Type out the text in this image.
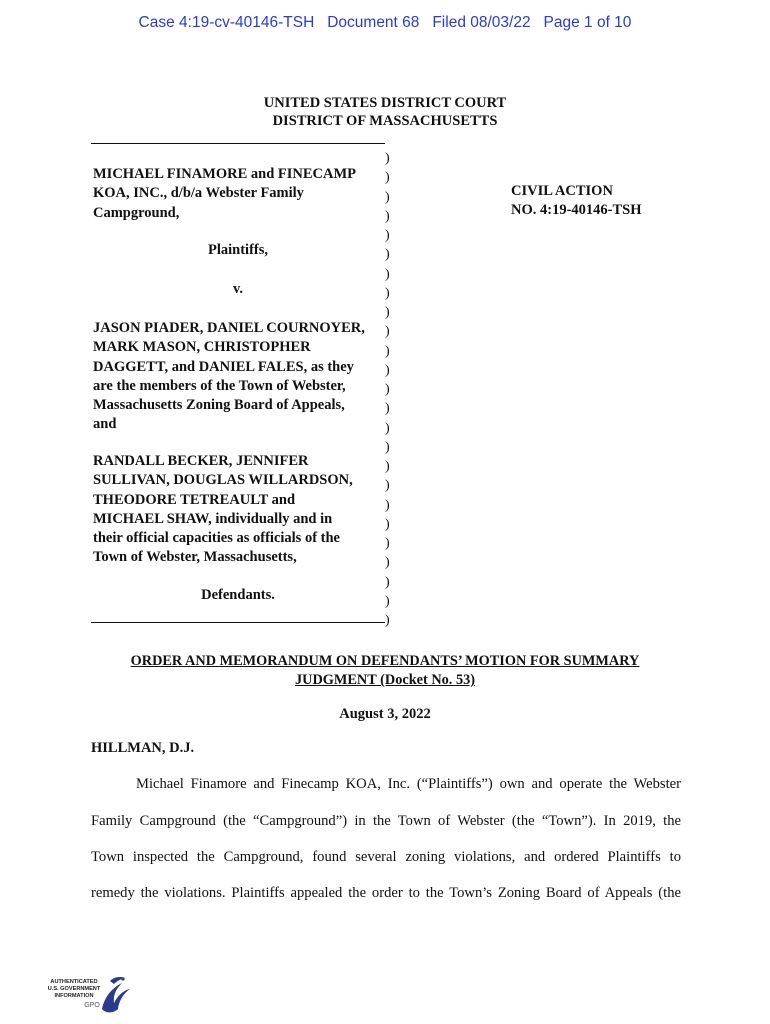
Case 4:19-cv-40146-TSH Document 68 Filed 08/03/22 Page 1 of 10
UNITED STATES DISTRICT COURT
DISTRICT OF MASSACHUSETTS
)
)
)
)
)
)
)
)
)
)
)
)
)
)
)
)
)
)
)
)
)
)
)
)
)
MICHAEL FINAMORE and FINECAMP
KOA, INC., d/b/a Webster Family
Campground,
Plaintiffs,
v.
JASON PIADER, DANIEL COURNOYER,
MARK MASON, CHRISTOPHER
DAGGETT, and DANIEL FALES, as they
are the members of the Town of Webster,
Massachusetts Zoning Board of Appeals,
and
RANDALL BECKER, JENNIFER
SULLIVAN, DOUGLAS WILLARDSON,
THEODORE TETREAULT and
MICHAEL SHAW, individually and in
their official capacities as officials of the
Town of Webster, Massachusetts,
Defendants.
CIVIL ACTION
NO. 4:19-40146-TSH
ORDER AND MEMORANDUM ON DEFENDANTS’ MOTION FOR SUMMARY
JUDGMENT (Docket No. 53)
August 3, 2022
HILLMAN, D.J.
Michael Finamore and Finecamp KOA, Inc. (“Plaintiffs”) own and operate the Webster
Family Campground (the “Campground”) in the Town of Webster (the “Town”). In 2019, the
Town inspected the Campground, found several zoning violations, and ordered Plaintiffs to
remedy the violations. Plaintiffs appealed the order to the Town’s Zoning Board of Appeals (the
AUTHENTICATED
U.S. GOVERNMENT
INFORMATION
GPO
